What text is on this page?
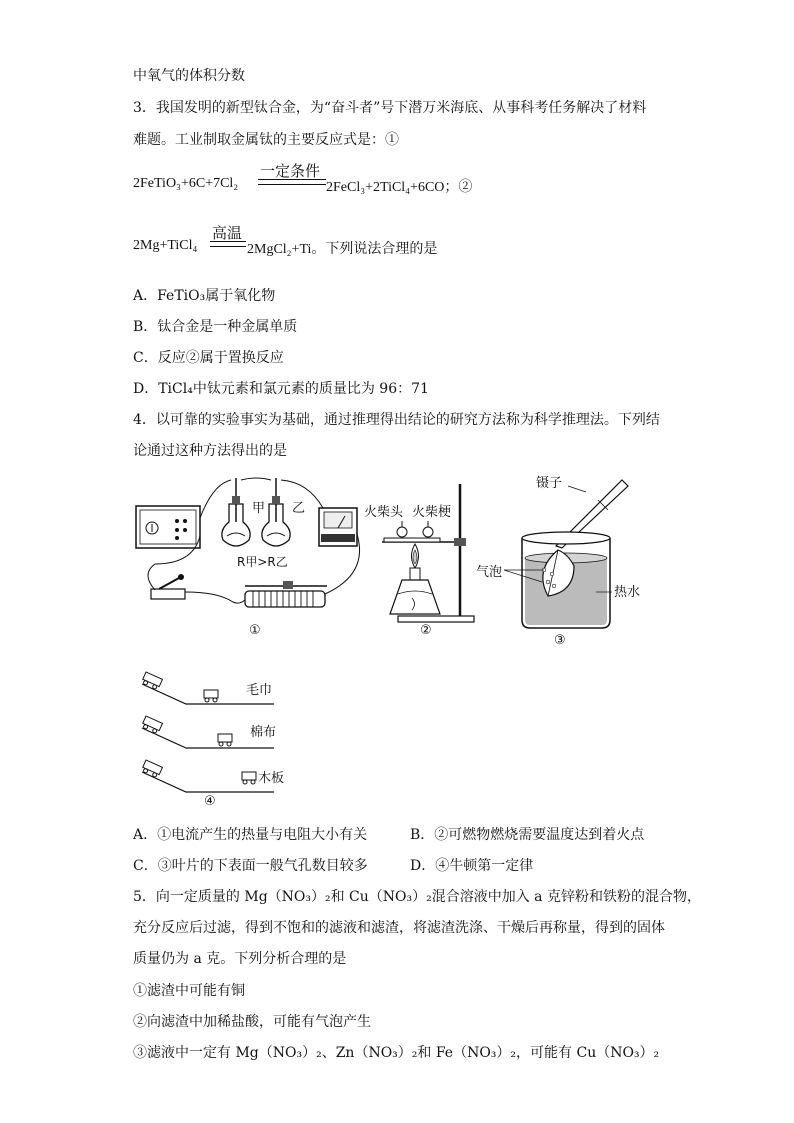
中氧气的体积分数
3．我国发明的新型钛合金，为“奋斗者”号下潜万米海底、从事科考任务解决了材料
难题。工业制取金属钛的主要反应式是：①
2FeTiO₃+6C+7Cl₂
一定条件
2FeCl₃+2TiCl₄+6CO；②
2Mg+TiCl₄
高温
2MgCl₂+Ti。下列说法合理的是
A．FeTiO₃属于氧化物
B．钛合金是一种金属单质
C．反应②属于置换反应
D．TiCl₄中钛元素和氯元素的质量比为 96：71
4．以可靠的实验事实为基础，通过推理得出结论的研究方法称为科学推理法。下列结
论通过这种方法得出的是
甲 乙
R甲>R乙
①
火柴头 火柴梗
②
镊子
气泡
热水
③
毛巾
棉布
木板
④
A．①电流产生的热量与电阻大小有关	B．②可燃物燃烧需要温度达到着火点
C．③叶片的下表面一般气孔数目较多	D．④牛顿第一定律
5．向一定质量的 Mg（NO₃）₂和 Cu（NO₃）₂混合溶液中加入 a 克锌粉和铁粉的混合物，
充分反应后过滤，得到不饱和的滤液和滤渣，将滤渣洗涤、干燥后再称量，得到的固体
质量仍为 a 克。下列分析合理的是
①滤渣中可能有铜
②向滤渣中加稀盐酸，可能有气泡产生
③滤液中一定有 Mg（NO₃）₂、Zn（NO₃）₂和 Fe（NO₃）₂，可能有 Cu（NO₃）₂
